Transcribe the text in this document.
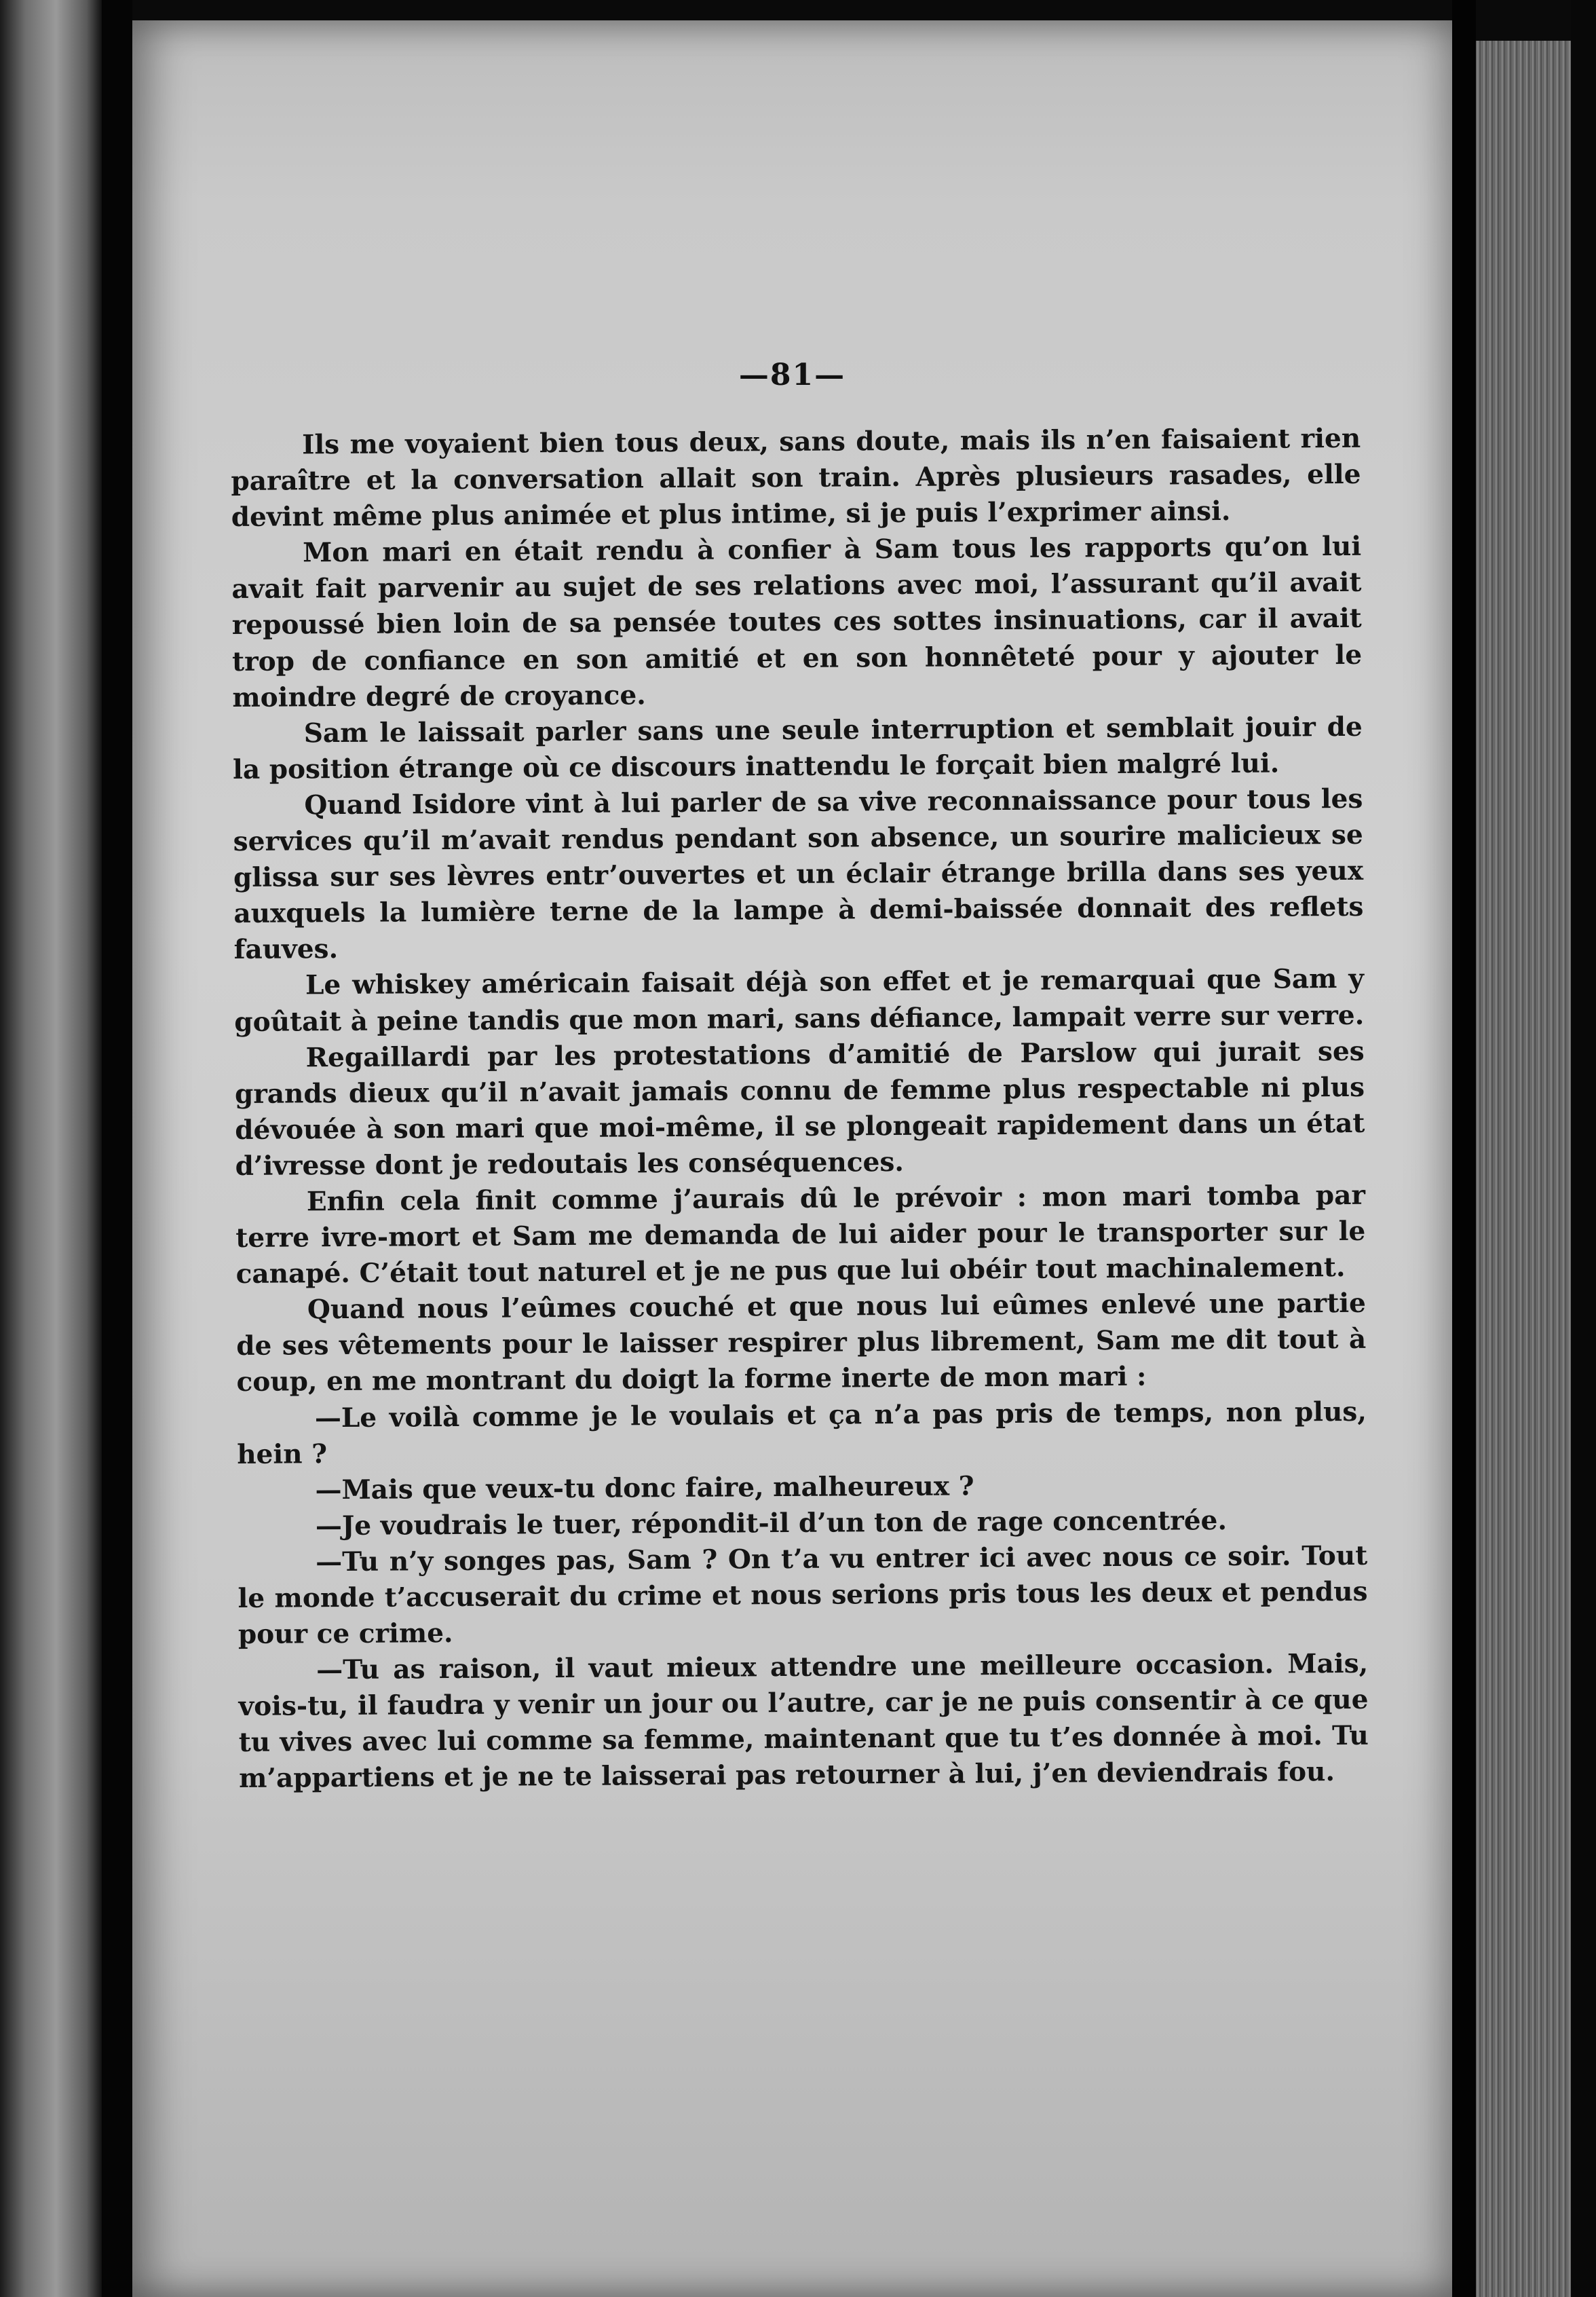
—81—

Ils me voyaient bien tous deux, sans doute, mais ils n’en faisaient rien paraître et la conversation allait son train. Après plusieurs rasades, elle devint même plus animée et plus intime, si je puis l’exprimer ainsi.

Mon mari en était rendu à confier à Sam tous les rapports qu’on lui avait fait parvenir au sujet de ses relations avec moi, l’assurant qu’il avait repoussé bien loin de sa pensée toutes ces sottes insinuations, car il avait trop de confiance en son amitié et en son honnêteté pour y ajouter le moindre degré de croyance.

Sam le laissait parler sans une seule interruption et semblait jouir de la position étrange où ce discours inattendu le forçait bien malgré lui.

Quand Isidore vint à lui parler de sa vive reconnaissance pour tous les services qu’il m’avait rendus pendant son absence, un sourire malicieux se glissa sur ses lèvres entr’ouvertes et un éclair étrange brilla dans ses yeux auxquels la lumière terne de la lampe à demi-baissée donnait des reflets fauves.

Le whiskey américain faisait déjà son effet et je remarquai que Sam y goûtait à peine tandis que mon mari, sans défiance, lampait verre sur verre.

Regaillardi par les protestations d’amitié de Parslow qui jurait ses grands dieux qu’il n’avait jamais connu de femme plus respectable ni plus dévouée à son mari que moi-même, il se plongeait rapidement dans un état d’ivresse dont je redoutais les conséquences.

Enfin cela finit comme j’aurais dû le prévoir : mon mari tomba par terre ivre-mort et Sam me demanda de lui aider pour le transporter sur le canapé. C’était tout naturel et je ne pus que lui obéir tout machinalement.

Quand nous l’eûmes couché et que nous lui eûmes enlevé une partie de ses vêtements pour le laisser respirer plus librement, Sam me dit tout à coup, en me montrant du doigt la forme inerte de mon mari :

—Le voilà comme je le voulais et ça n’a pas pris de temps, non plus, hein ?

—Mais que veux-tu donc faire, malheureux ?

—Je voudrais le tuer, répondit-il d’un ton de rage concentrée.

—Tu n’y songes pas, Sam ? On t’a vu entrer ici avec nous ce soir. Tout le monde t’accuserait du crime et nous serions pris tous les deux et pendus pour ce crime.

—Tu as raison, il vaut mieux attendre une meilleure occasion. Mais, vois-tu, il faudra y venir un jour ou l’autre, car je ne puis consentir à ce que tu vives avec lui comme sa femme, maintenant que tu t’es donnée à moi. Tu m’appartiens et je ne te laisserai pas retourner à lui, j’en deviendrais fou.
